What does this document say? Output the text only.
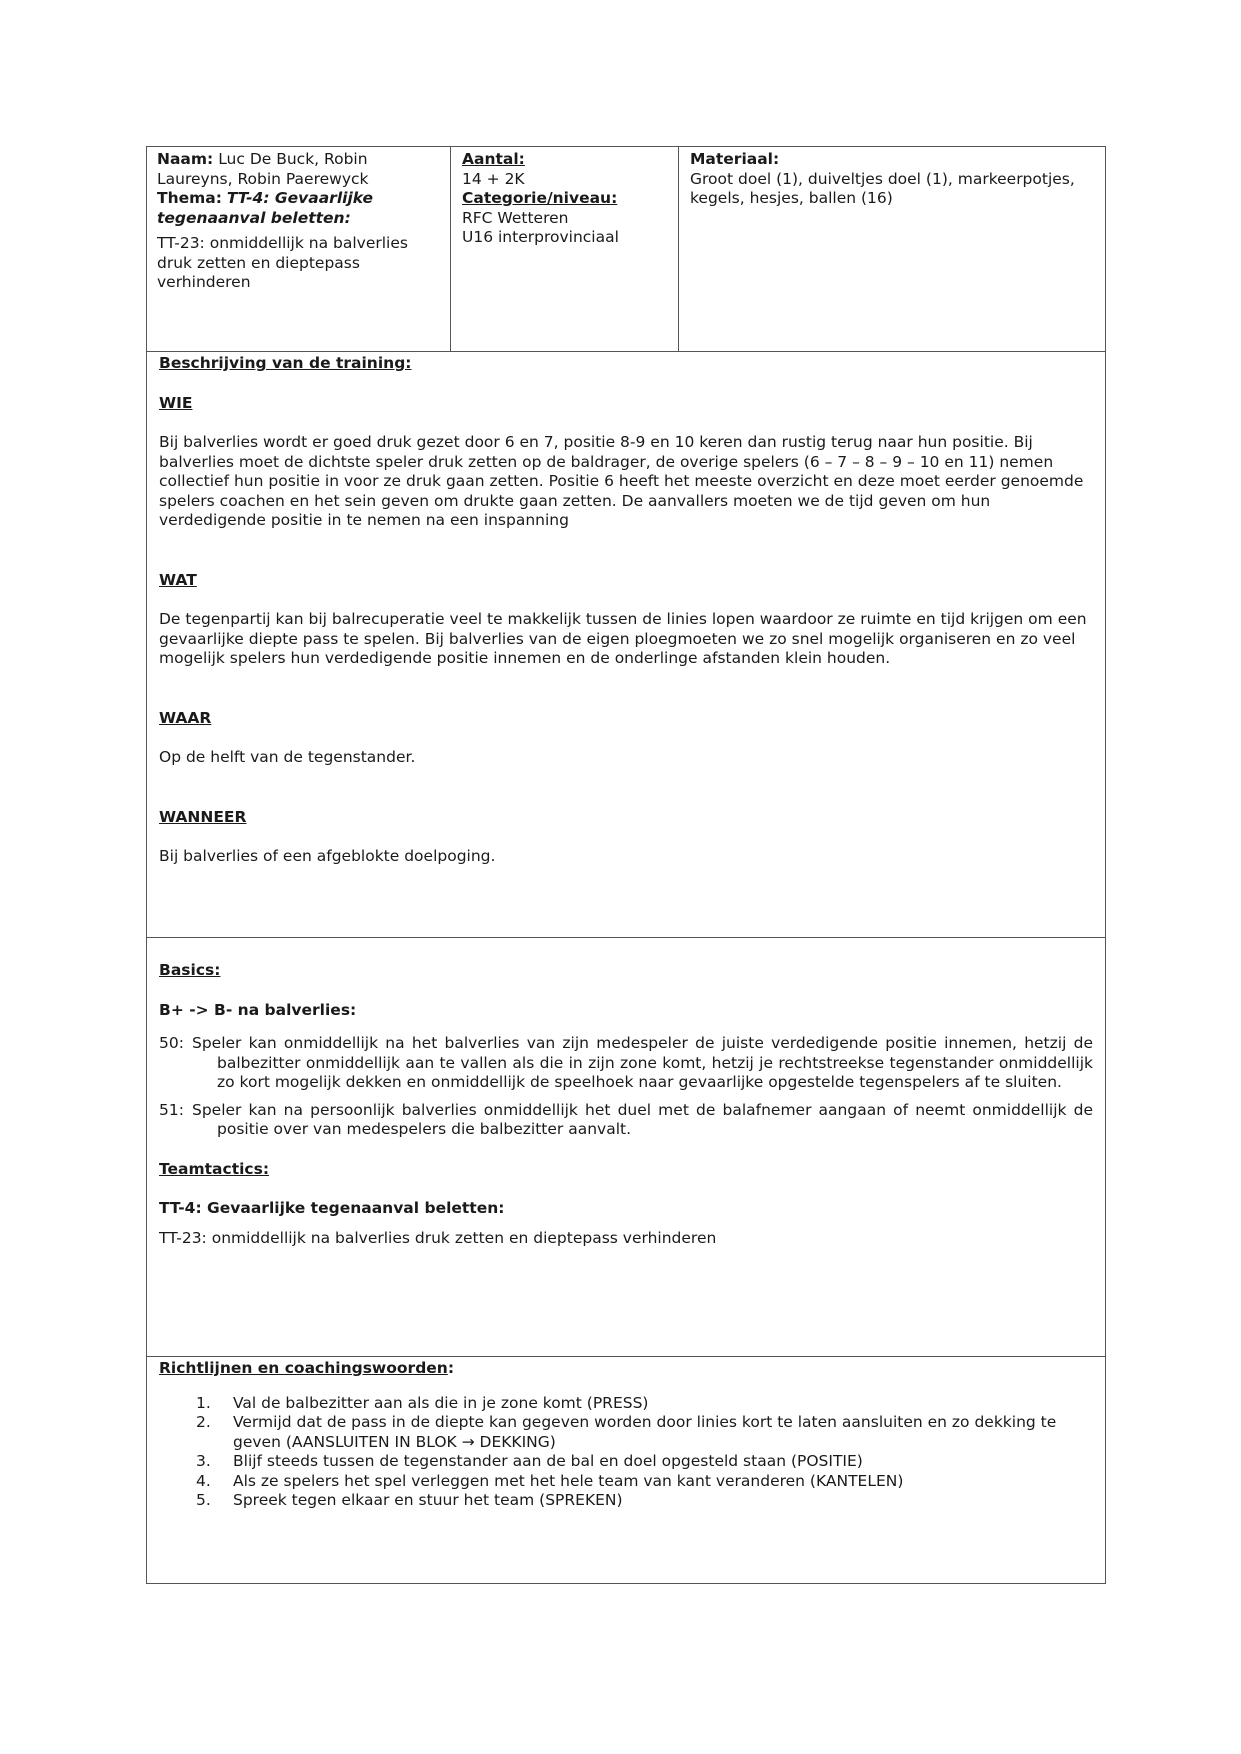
Naam: Luc De Buck, Robin Laureyns, Robin Paerewyck

Thema: TT-4: Gevaarlijke tegenaanval beletten:

TT-23: onmiddellijk na balverlies druk zetten en dieptepass verhinderen

Aantal:

14 + 2K

Categorie/niveau:

RFC Wetteren

U16 interprovinciaal

Materiaal:

Groot doel (1), duiveltjes doel (1), markeerpotjes, kegels, hesjes, ballen (16)

Beschrijving van de training:

WIE

Bij balverlies wordt er goed druk gezet door 6 en 7, positie 8-9 en 10 keren dan rustig terug naar hun positie. Bij balverlies moet de dichtste speler druk zetten op de baldrager, de overige spelers (6 – 7 – 8 – 9 – 10 en 11) nemen collectief hun positie in voor ze druk gaan zetten. Positie 6 heeft het meeste overzicht en deze moet eerder genoemde spelers coachen en het sein geven om drukte gaan zetten. De aanvallers moeten we de tijd geven om hun verdedigende positie in te nemen na een inspanning

WAT

De tegenpartij kan bij balrecuperatie veel te makkelijk tussen de linies lopen waardoor ze ruimte en tijd krijgen om een gevaarlijke diepte pass te spelen. Bij balverlies van de eigen ploegmoeten we zo snel mogelijk organiseren en zo veel mogelijk spelers hun verdedigende positie innemen en de onderlinge afstanden klein houden.

WAAR

Op de helft van de tegenstander.

WANNEER

Bij balverlies of een afgeblokte doelpoging.

Basics:

B+ -> B- na balverlies:

50: Speler kan onmiddellijk na het balverlies van zijn medespeler de juiste verdedigende positie innemen, hetzij de balbezitter onmiddellijk aan te vallen als die in zijn zone komt, hetzij je rechtstreekse tegenstander onmiddellijk zo kort mogelijk dekken en onmiddellijk de speelhoek naar gevaarlijke opgestelde tegenspelers af te sluiten.

51: Speler kan na persoonlijk balverlies onmiddellijk het duel met de balafnemer aangaan of neemt onmiddellijk de positie over van medespelers die balbezitter aanvalt.

Teamtactics:

TT-4: Gevaarlijke tegenaanval beletten:

TT-23: onmiddellijk na balverlies druk zetten en dieptepass verhinderen

Richtlijnen en coachingswoorden:

1. Val de balbezitter aan als die in je zone komt (PRESS)
2. Vermijd dat de pass in de diepte kan gegeven worden door linies kort te laten aansluiten en zo dekking te geven (AANSLUITEN IN BLOK → DEKKING)
3. Blijf steeds tussen de tegenstander aan de bal en doel opgesteld staan (POSITIE)
4. Als ze spelers het spel verleggen met het hele team van kant veranderen (KANTELEN)
5. Spreek tegen elkaar en stuur het team (SPREKEN)
